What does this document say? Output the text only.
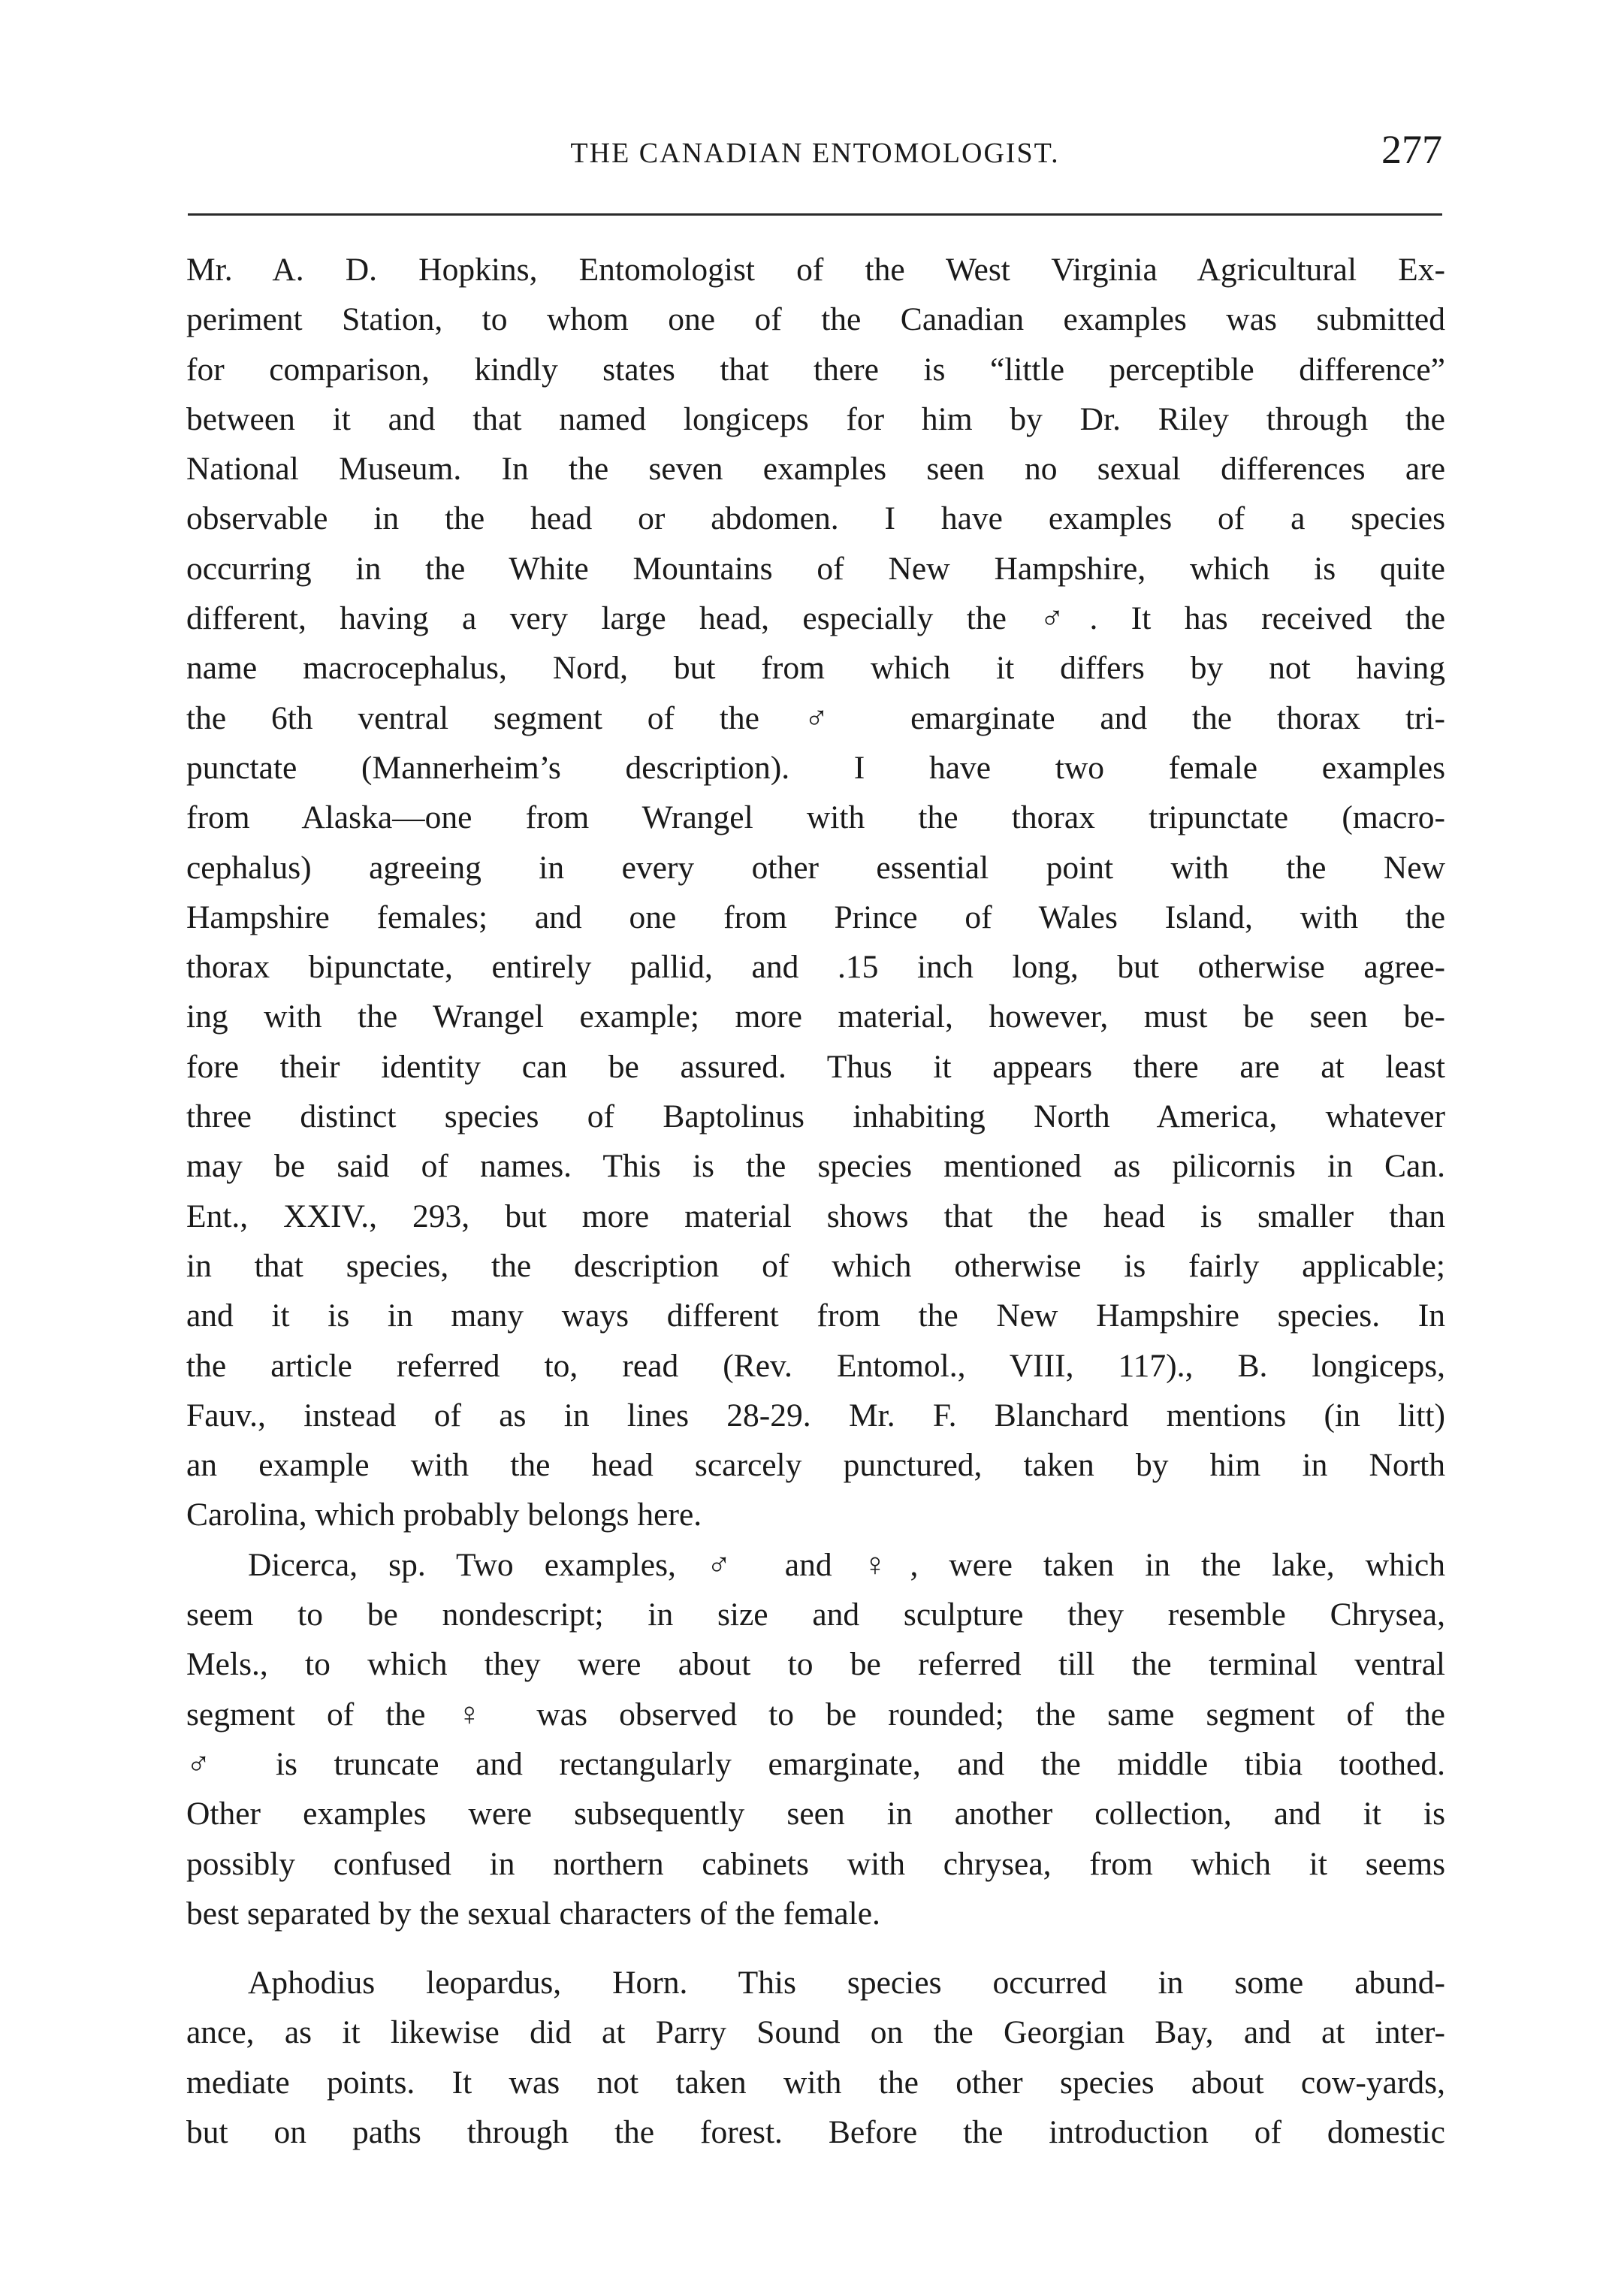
THE CANADIAN ENTOMOLOGIST.	277

Mr. A. D. Hopkins, Entomologist of the West Virginia Agricultural Ex-
periment Station, to whom one of the Canadian examples was submitted
for comparison, kindly states that there is “little perceptible difference”
between it and that named longiceps for him by Dr. Riley through the
National Museum. In the seven examples seen no sexual differences are
observable in the head or abdomen. I have examples of a species
occurring in the White Mountains of New Hampshire, which is quite
different, having a very large head, especially the ♂. It has received the
name macrocephalus, Nord, but from which it differs by not having
the 6th ventral segment of the ♂ emarginate and the thorax tri-
punctate (Mannerheim’s description). I have two female examples
from Alaska—one from Wrangel with the thorax tripunctate (macro-
cephalus) agreeing in every other essential point with the New
Hampshire females; and one from Prince of Wales Island, with the
thorax bipunctate, entirely pallid, and .15 inch long, but otherwise agree-
ing with the Wrangel example; more material, however, must be seen be-
fore their identity can be assured. Thus it appears there are at least
three distinct species of Baptolinus inhabiting North America, whatever
may be said of names. This is the species mentioned as pilicornis in Can.
Ent., XXIV., 293, but more material shows that the head is smaller than
in that species, the description of which otherwise is fairly applicable;
and it is in many ways different from the New Hampshire species. In
the article referred to, read (Rev. Entomol., VIII, 117)., B. longiceps,
Fauv., instead of as in lines 28-29. Mr. F. Blanchard mentions (in litt)
an example with the head scarcely punctured, taken by him in North
Carolina, which probably belongs here.

Dicerca, sp. Two examples, ♂ and ♀, were taken in the lake, which
seem to be nondescript; in size and sculpture they resemble Chrysea,
Mels., to which they were about to be referred till the terminal ventral
segment of the ♀ was observed to be rounded; the same segment of the
♂ is truncate and rectangularly emarginate, and the middle tibia toothed.
Other examples were subsequently seen in another collection, and it is
possibly confused in northern cabinets with chrysea, from which it seems
best separated by the sexual characters of the female.

Aphodius leopardus, Horn. This species occurred in some abund-
ance, as it likewise did at Parry Sound on the Georgian Bay, and at inter-
mediate points. It was not taken with the other species about cow-yards,
but on paths through the forest. Before the introduction of domestic
